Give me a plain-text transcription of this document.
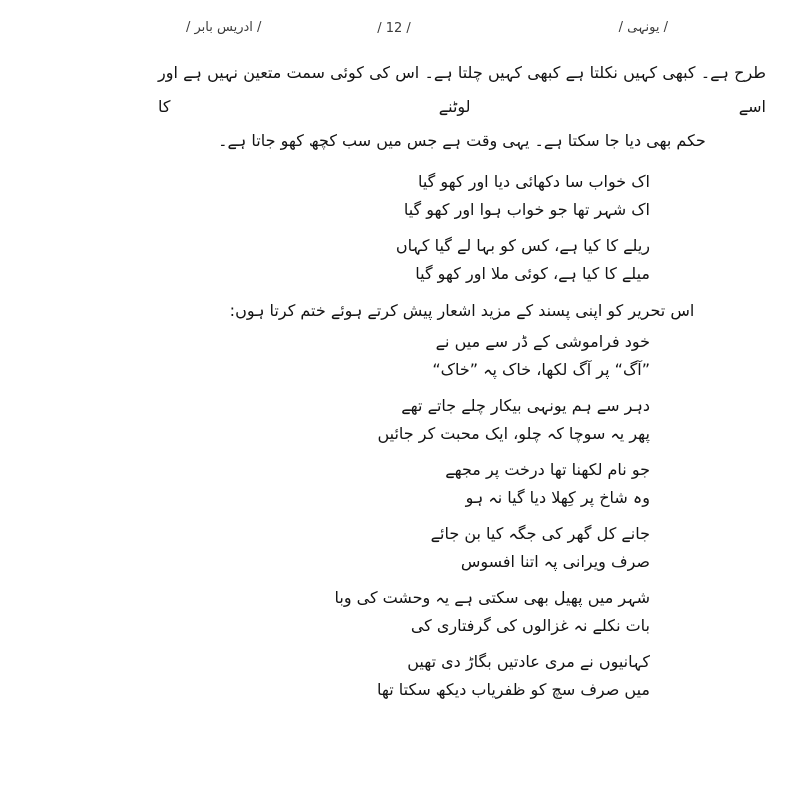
/ یونہی /
/ 12 /
/ ادریس بابر /
طرح ہے۔ کبھی کہیں نکلتا ہے کبھی کہیں چلتا ہے۔ اس کی کوئی سمت متعین نہیں ہے اور اسے لوٹنے کا
حکم بھی دیا جا سکتا ہے۔ یہی وقت ہے جس میں سب کچھ کھو جاتا ہے۔
اک خواب سا دکھائی دیا اور کھو گیا
اک شہر تھا جو خواب ہوا اور کھو گیا
ریلے کا کیا ہے، کس کو بہا لے گیا کہاں
میلے کا کیا ہے، کوئی ملا اور کھو گیا
اس تحریر کو اپنی پسند کے مزید اشعار پیش کرتے ہوئے ختم کرتا ہوں:
خود فراموشی کے ڈر سے میں نے
”آگ“ پر آگ لکھا، خاک پہ ”خاک“
دہر سے ہم یونہی بیکار چلے جاتے تھے
پھر یہ سوچا کہ چلو، ایک محبت کر جائیں
جو نام لکھنا تھا درخت پر مجھے
وہ شاخ پر کِھلا دیا گیا نہ ہو
جانے کل گھر کی جگہ کیا بن جائے
صرف ویرانی پہ اتنا افسوس
شہر میں پھیل بھی سکتی ہے یہ وحشت کی وبا
بات نکلے نہ غزالوں کی گرفتاری کی
کہانیوں نے مری عادتیں بگاڑ دی تھیں
میں صرف سچ کو ظفریاب دیکھ سکتا تھا
